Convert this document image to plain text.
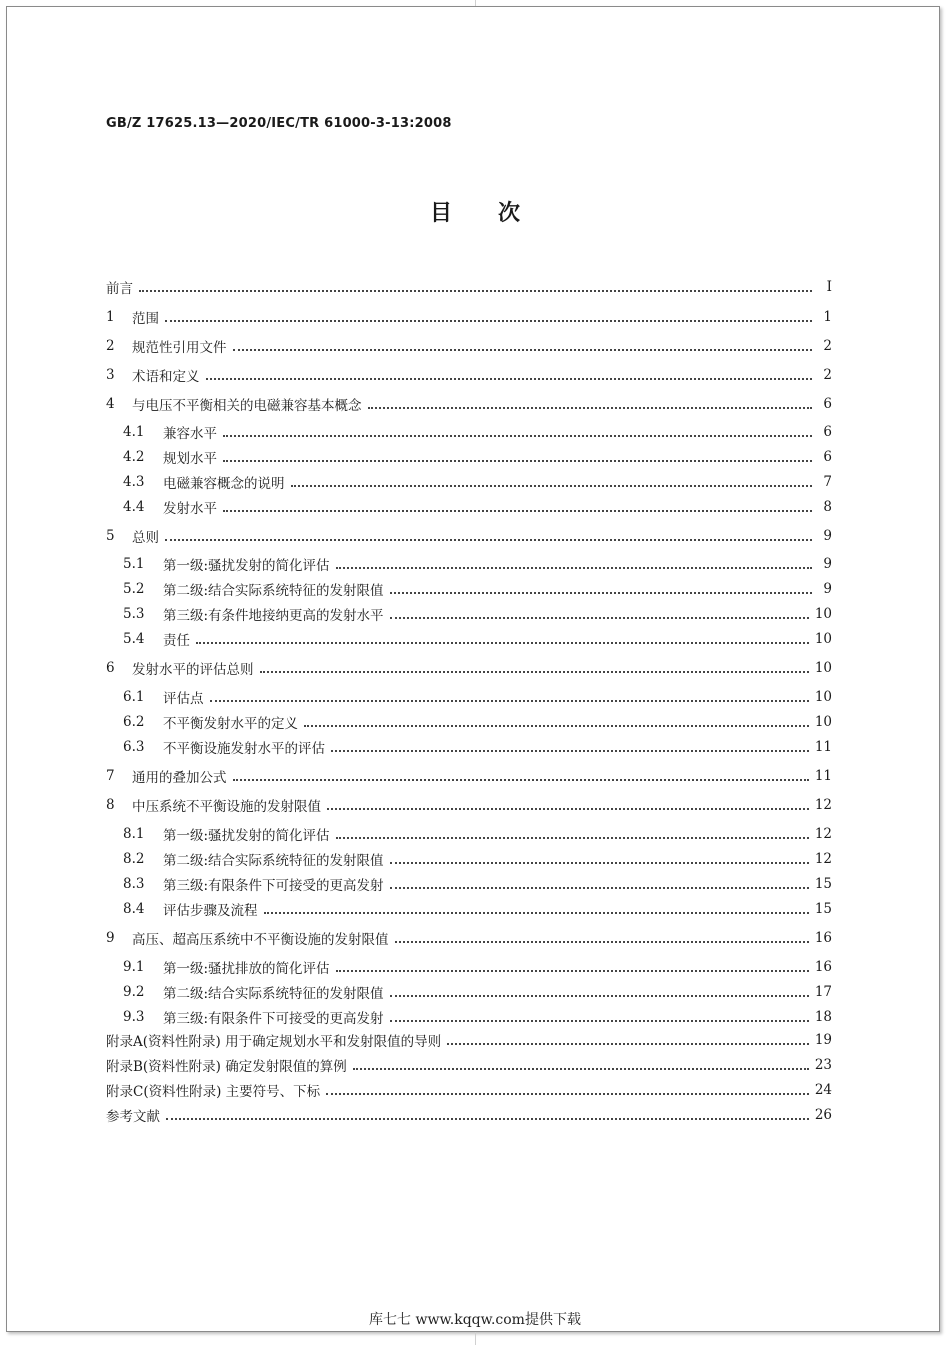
GB/Z 17625.13—2020/IEC/TR 61000-3-13:2008
目次
前言	Ⅰ
1	范围	1
2	规范性引用文件	2
3	术语和定义	2
4	与电压不平衡相关的电磁兼容基本概念	6
4.1	兼容水平	6
4.2	规划水平	6
4.3	电磁兼容概念的说明	7
4.4	发射水平	8
5	总则	9
5.1	第一级:骚扰发射的简化评估	9
5.2	第二级:结合实际系统特征的发射限值	9
5.3	第三级:有条件地接纳更高的发射水平	10
5.4	责任	10
6	发射水平的评估总则	10
6.1	评估点	10
6.2	不平衡发射水平的定义	10
6.3	不平衡设施发射水平的评估	11
7	通用的叠加公式	11
8	中压系统不平衡设施的发射限值	12
8.1	第一级:骚扰发射的简化评估	12
8.2	第二级:结合实际系统特征的发射限值	12
8.3	第三级:有限条件下可接受的更高发射	15
8.4	评估步骤及流程	15
9	高压、超高压系统中不平衡设施的发射限值	16
9.1	第一级:骚扰排放的简化评估	16
9.2	第二级:结合实际系统特征的发射限值	17
9.3	第三级:有限条件下可接受的更高发射	18
附录A(资料性附录) 用于确定规划水平和发射限值的导则	19
附录B(资料性附录) 确定发射限值的算例	23
附录C(资料性附录) 主要符号、下标	24
参考文献	26
库七七 www.kqqw.com提供下载
